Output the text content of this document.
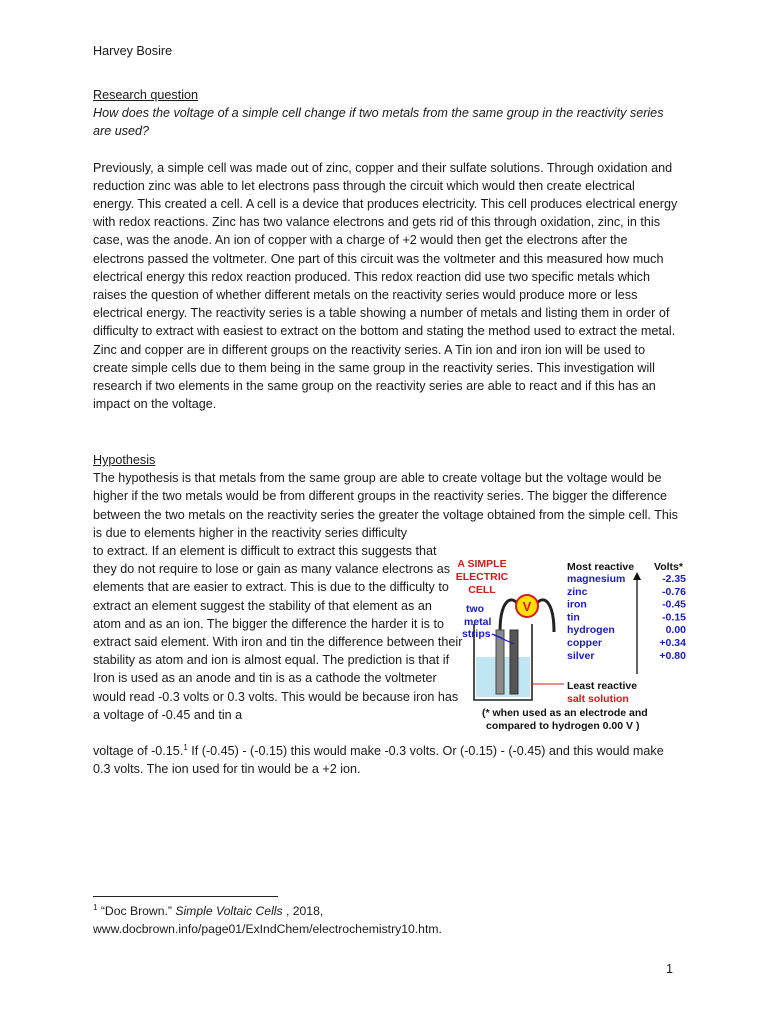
Harvey Bosire
Research question
How does the voltage of a simple cell change if two metals from the same group in the reactivity series are used?
Previously, a simple cell was made out of zinc, copper and their sulfate solutions. Through oxidation and reduction zinc was able to let electrons pass through the circuit which would then create electrical energy. This created a cell. A cell is a device that produces electricity. This cell produces electrical energy with redox reactions. Zinc has two valance electrons and gets rid of this through oxidation, zinc, in this case, was the anode. An ion of copper with a charge of +2 would then get the electrons after the electrons passed the voltmeter. One part of this circuit was the voltmeter and this measured how much electrical energy this redox reaction produced. This redox reaction did use two specific metals which raises the question of whether different metals on the reactivity series would produce more or less electrical energy. The reactivity series is a table showing a number of metals and listing them in order of difficulty to extract with easiest to extract on the bottom and stating the method used to extract the metal. Zinc and copper are in different groups on the reactivity series. A Tin ion and iron ion will be used to create simple cells due to them being in the same group in the reactivity series. This investigation will research if two elements in the same group on the reactivity series are able to react and if this has an impact on the voltage.
Hypothesis
The hypothesis is that metals from the same group are able to create voltage but the voltage would be higher if the two metals would be from different groups in the reactivity series. The bigger the difference between the two metals on the reactivity series the greater the voltage obtained from the simple cell. This is due to elements higher in the reactivity series difficulty
to extract. If an element is difficult to extract this suggests that they do not require to lose or gain as many valance electrons as elements that are easier to extract. This is due to the difficulty to extract an element suggest the stability of that element as an atom and as an ion. The bigger the difference the harder it is to extract said element. With iron and tin the difference between their stability as atom and ion is almost equal. The prediction is that if Iron is used as an anode and tin is as a cathode the voltmeter would read -0.3 volts or 0.3 volts. This would be because iron has a voltage of -0.45 and tin a
voltage of -0.15.$^1$ If (-0.45) - (-0.15) this would make -0.3 volts. Or (-0.15) - (-0.45) and this would make 0.3 volts. The ion used for tin would be a +2 ion.
A SIMPLE
ELECTRIC
CELL
V
two
metal
strips
Most reactive Volts*
magnesium	-2.35
zinc	-0.76
iron	-0.45
tin	-0.15
hydrogen	0.00
copper	+0.34
silver	+0.80
Least reactive
salt solution
(* when used as an electrode and
compared to hydrogen 0.00 V )
$^1$ “Doc Brown.” Simple Voltaic Cells , 2018,
www.docbrown.info/page01/ExIndChem/electrochemistry10.htm.
1
